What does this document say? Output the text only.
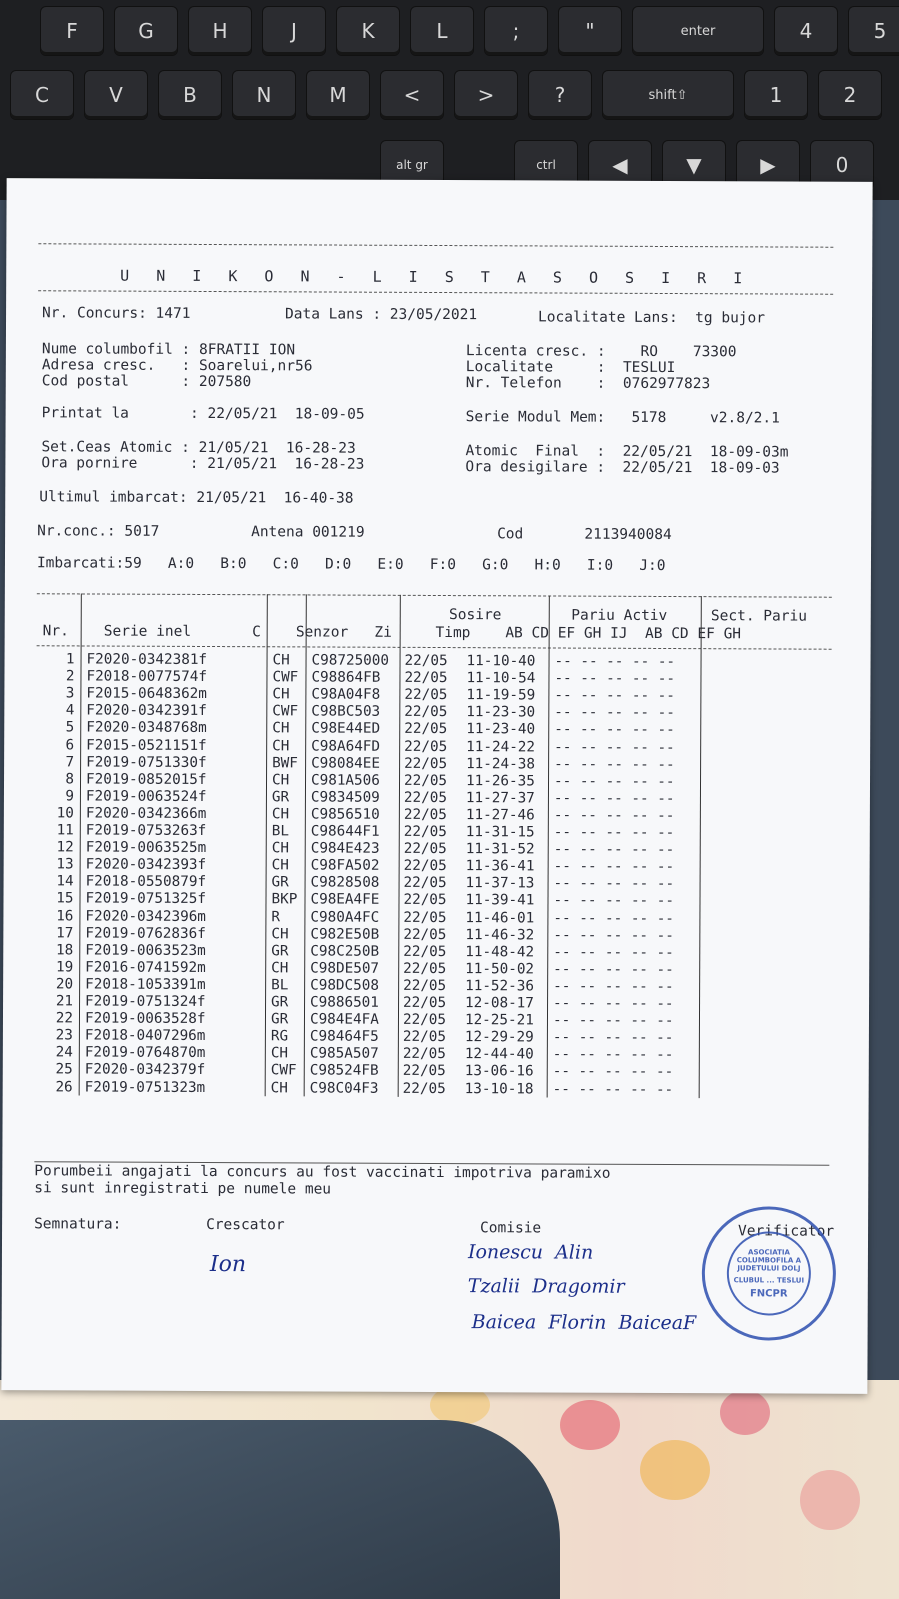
F	G	H	J	K	L	;	"	enter	4	5
C	V	B	N	M	<	>	?	shift⇧	1	2
alt gr	ctrl	◀	▼	▶	0
U N I K O N - L I S T A S O S I R I
Nr. Concurs: 1471	Data Lans : 23/05/2021	Localitate Lans:  tg bujor
Nume columbofil : 8FRATII ION
Adresa cresc.   : Soarelui,nr56
Cod postal      : 207580
Licenta cresc. :    RO    73300
Localitate     :  TESLUI
Nr. Telefon    :  0762977823
Printat la       : 22/05/21  18-09-05	Serie Modul Mem:   5178     v2.8/2.1
Set.Ceas Atomic : 21/05/21  16-28-23
Ora pornire      : 21/05/21  16-28-23
Atomic  Final  :  22/05/21  18-09-03m
Ora desigilare :  22/05/21  18-09-03
Ultimul imbarcat: 21/05/21  16-40-38
Nr.conc.: 5017	Antena 001219	Cod       2113940084
Imbarcati:59   A:0   B:0   C:0   D:0   E:0   F:0   G:0   H:0   I:0   J:0
Sosire        Pariu Activ     Sect. Pariu
Nr.    Serie inel       C    Senzor   Zi     Timp    AB CD EF GH IJ  AB CD EF GH
1 F2020-0342381f	CH	C98725000	22/05	11-10-40	-- -- -- -- --
2 F2018-0077574f	CWF C98864FB	22/05	11-10-54	-- -- -- -- --
3 F2015-0648362m	CH	C98A04F8	22/05	11-19-59	-- -- -- -- --
4 F2020-0342391f	CWF C98BC503	22/05	11-23-30	-- -- -- -- --
5 F2020-0348768m	CH	C98E44ED	22/05	11-23-40	-- -- -- -- --
6 F2015-0521151f	CH	C98A64FD	22/05	11-24-22	-- -- -- -- --
7 F2019-0751330f	BWF C98084EE	22/05	11-24-38	-- -- -- -- --
8 F2019-0852015f	CH	C981A506	22/05	11-26-35	-- -- -- -- --
9 F2019-0063524f	GR	C9834509	22/05	11-27-37	-- -- -- -- --
10 F2020-0342366m	CH	C9856510	22/05	11-27-46	-- -- -- -- --
11 F2019-0753263f	BL	C98644F1	22/05	11-31-15	-- -- -- -- --
12 F2019-0063525m	CH	C984E423	22/05	11-31-52	-- -- -- -- --
13 F2020-0342393f	CH	C98FA502	22/05	11-36-41	-- -- -- -- --
14 F2018-0550879f	GR	C9828508	22/05	11-37-13	-- -- -- -- --
15 F2019-0751325f	BKP C98EA4FE	22/05	11-39-41	-- -- -- -- --
16 F2020-0342396m	R	C980A4FC	22/05	11-46-01	-- -- -- -- --
17 F2019-0762836f	CH	C982E50B	22/05	11-46-32	-- -- -- -- --
18 F2019-0063523m	GR	C98C250B	22/05	11-48-42	-- -- -- -- --
19 F2016-0741592m	CH	C98DE507	22/05	11-50-02	-- -- -- -- --
20 F2018-1053391m	BL	C98DC508	22/05	11-52-36	-- -- -- -- --
21 F2019-0751324f	GR	C9886501	22/05	12-08-17	-- -- -- -- --
22 F2019-0063528f	GR	C984E4FA	22/05	12-25-21	-- -- -- -- --
23 F2018-0407296m	RG	C98464F5	22/05	12-29-29	-- -- -- -- --
24 F2019-0764870m	CH	C985A507	22/05	12-44-40	-- -- -- -- --
25 F2020-0342379f	CWF C98524FB	22/05	13-06-16	-- -- -- -- --
26 F2019-0751323m	CH	C98C04F3	22/05	13-10-18	-- -- -- -- --
Porumbeii angajati la concurs au fost vaccinati impotriva paramixo
si sunt inregistrati pe numele meu
Semnatura:	Crescator	Comisie	Verificator
Ion	Ionescu  Alin
Tzalii  Dragomir
Baicea  Florin  BaiceaF
ASOCIATIA COLUMBOFILA A JUDETULUI DOLJ
CLUBUL ... TESLUI
FNCPR
